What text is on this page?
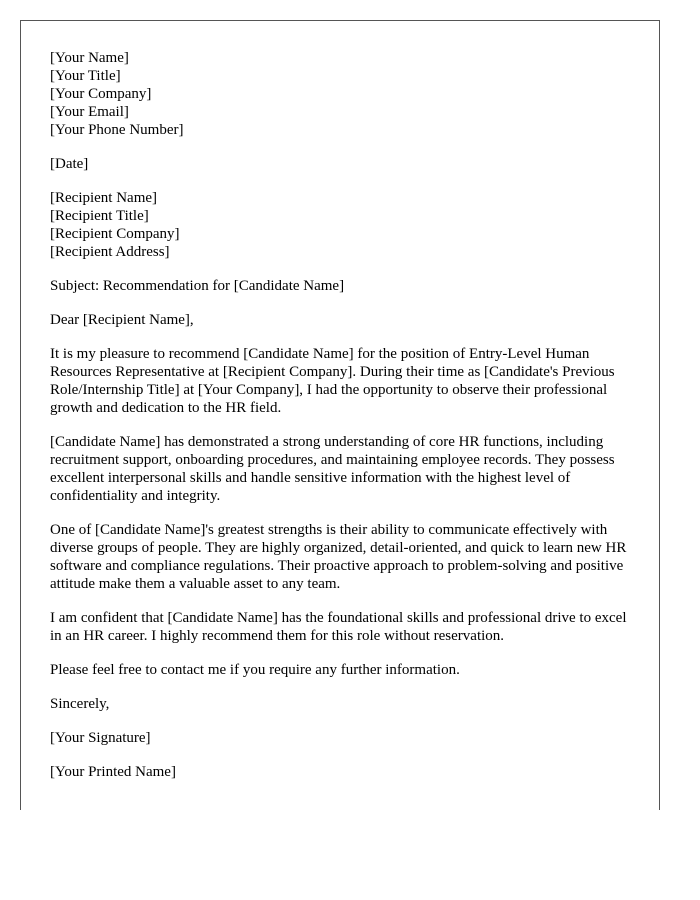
[Your Name]
[Your Title]
[Your Company]
[Your Email]
[Your Phone Number]
[Date]
[Recipient Name]
[Recipient Title]
[Recipient Company]
[Recipient Address]

Subject: Recommendation for [Candidate Name]

Dear [Recipient Name],

It is my pleasure to recommend [Candidate Name] for the position of Entry-Level Human Resources Representative at [Recipient Company]. During their time as [Candidate's Previous Role/Internship Title] at [Your Company], I had the opportunity to observe their professional growth and dedication to the HR field.

[Candidate Name] has demonstrated a strong understanding of core HR functions, including recruitment support, onboarding procedures, and maintaining employee records. They possess excellent interpersonal skills and handle sensitive information with the highest level of confidentiality and integrity.

One of [Candidate Name]'s greatest strengths is their ability to communicate effectively with diverse groups of people. They are highly organized, detail-oriented, and quick to learn new HR software and compliance regulations. Their proactive approach to problem-solving and positive attitude make them a valuable asset to any team.

I am confident that [Candidate Name] has the foundational skills and professional drive to excel in an HR career. I highly recommend them for this role without reservation.

Please feel free to contact me if you require any further information.

Sincerely,

[Your Signature]

[Your Printed Name]
